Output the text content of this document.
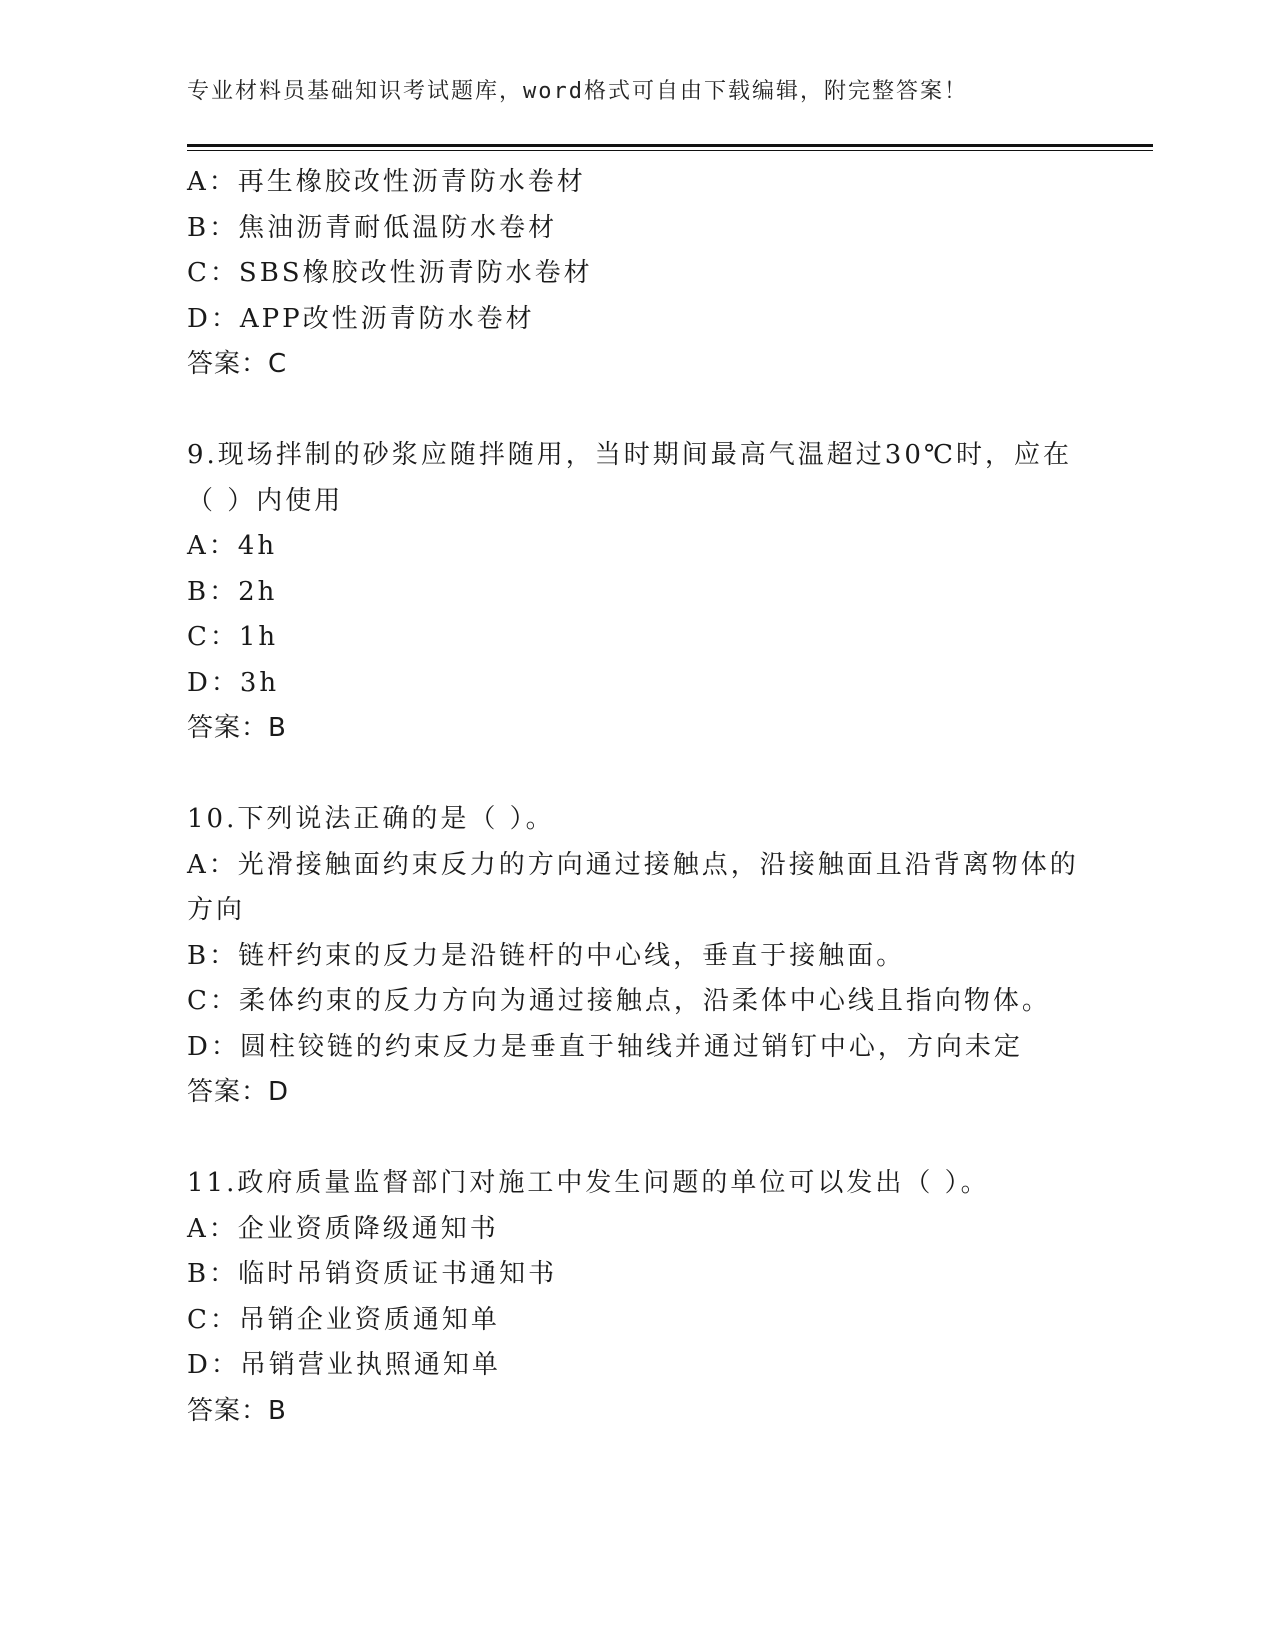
专业材料员基础知识考试题库，word格式可自由下载编辑，附完整答案！
A：再生橡胶改性沥青防水卷材
B：焦油沥青耐低温防水卷材
C：SBS橡胶改性沥青防水卷材
D：APP改性沥青防水卷材
答案：C
9.现场拌制的砂浆应随拌随用，当时期间最高气温超过30℃时，应在
（ ）内使用
A：4h
B：2h
C：1h
D：3h
答案：B
10.下列说法正确的是（ ）。
A：光滑接触面约束反力的方向通过接触点，沿接触面且沿背离物体的
方向
B：链杆约束的反力是沿链杆的中心线，垂直于接触面。
C：柔体约束的反力方向为通过接触点，沿柔体中心线且指向物体。
D：圆柱铰链的约束反力是垂直于轴线并通过销钉中心，方向未定
答案：D
11.政府质量监督部门对施工中发生问题的单位可以发出（ ）。
A：企业资质降级通知书
B：临时吊销资质证书通知书
C：吊销企业资质通知单
D：吊销营业执照通知单
答案：B
